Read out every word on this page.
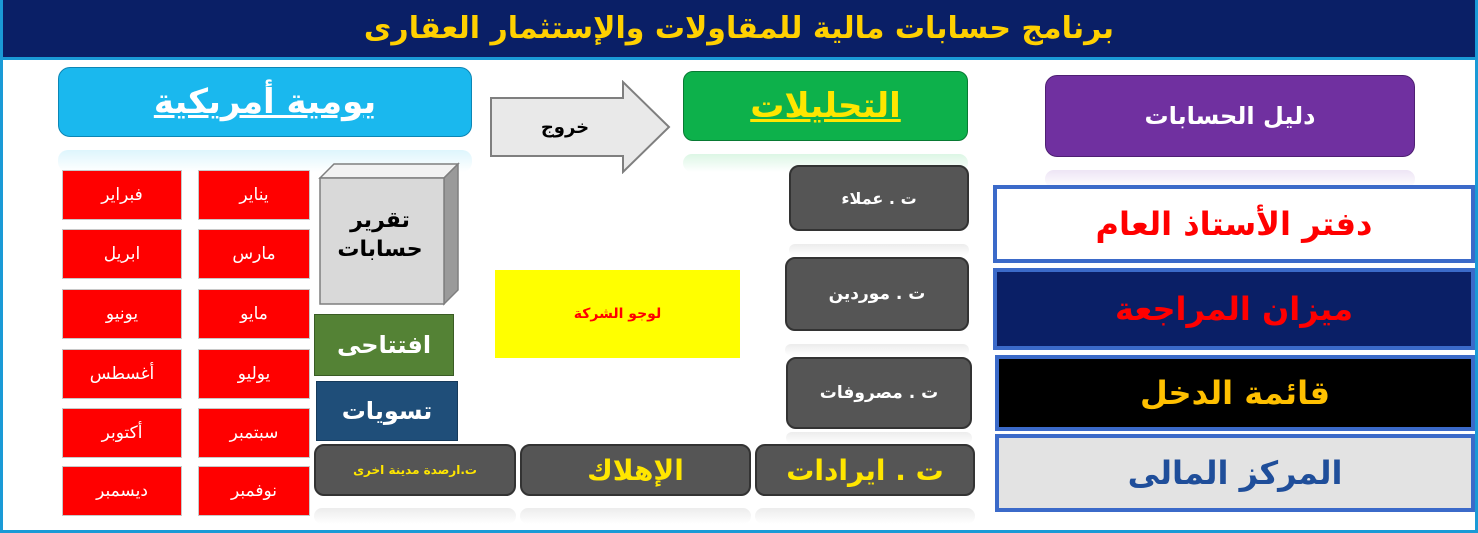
برنامج حسابات مالية للمقاولات والإستثمار العقارى
يومية أمريكية
خروج
التحليلات	دليل الحسابات
فبراير	يناير
ابريل	مارس
يونيو	مايو
أغسطس	يوليو
أكتوبر	سبتمبر
ديسمبر	نوفمبر
تقرير حسابات
افتتاحى
تسويات
لوجو الشركة
ت . عملاء
ت . موردين
ت . مصروفات
ت . ايرادات
الإهلاك
ت.ارصدة مدينة اخرى
دفتر الأستاذ العام
ميزان المراجعة
قائمة الدخل
المركز المالى
